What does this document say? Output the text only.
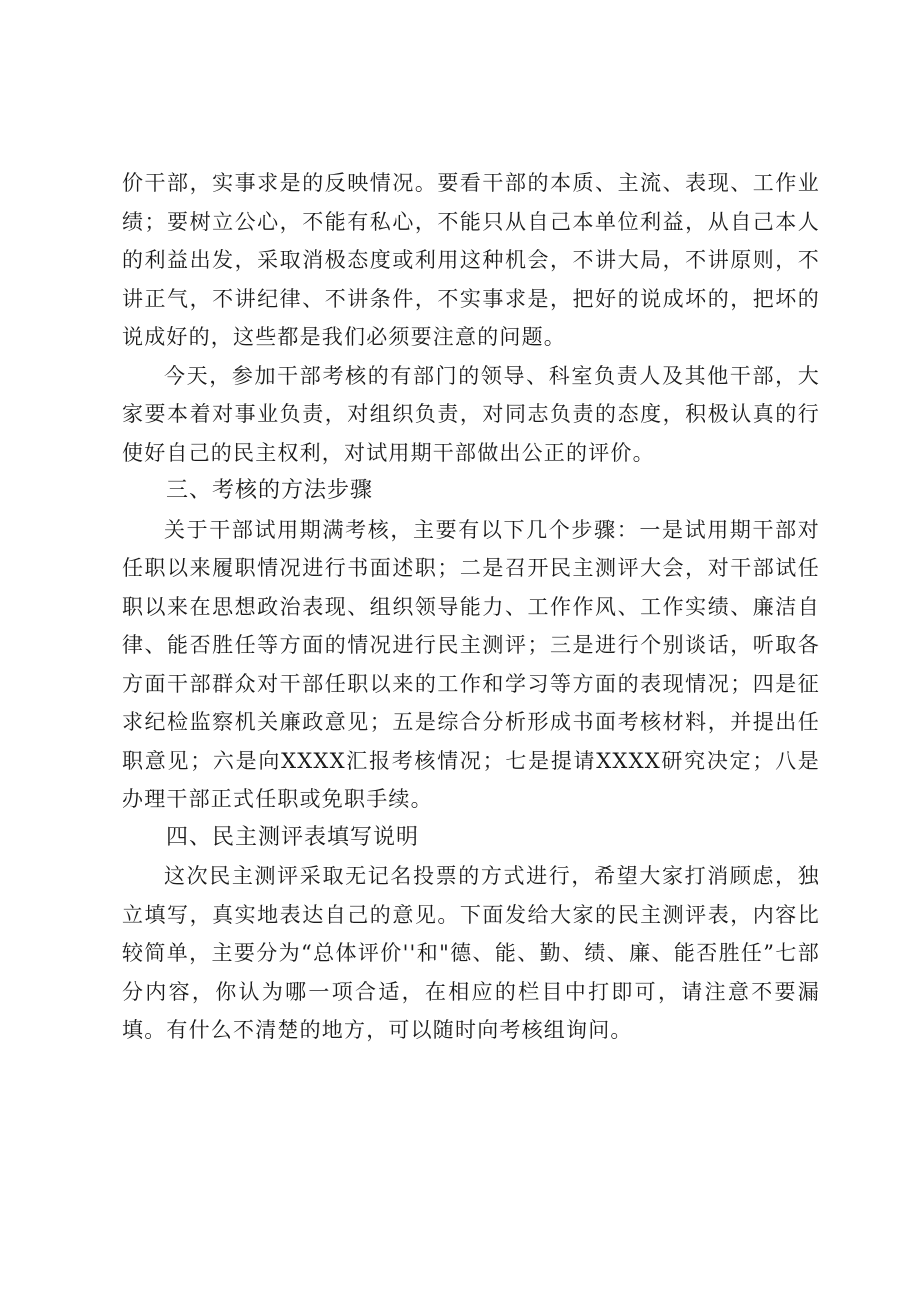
价干部，实事求是的反映情况。要看干部的本质、主流、表现、工作业绩；要树立公心，不能有私心，不能只从自己本单位利益，从自己本人的利益出发，采取消极态度或利用这种机会，不讲大局，不讲原则，不讲正气，不讲纪律、不讲条件，不实事求是，把好的说成坏的，把坏的说成好的，这些都是我们必须要注意的问题。

今天，参加干部考核的有部门的领导、科室负责人及其他干部，大家要本着对事业负责，对组织负责，对同志负责的态度，积极认真的行使好自己的民主权利，对试用期干部做出公正的评价。

三、考核的方法步骤

关于干部试用期满考核，主要有以下几个步骤：一是试用期干部对任职以来履职情况进行书面述职；二是召开民主测评大会，对干部试任职以来在思想政治表现、组织领导能力、工作作风、工作实绩、廉洁自律、能否胜任等方面的情况进行民主测评；三是进行个别谈话，听取各方面干部群众对干部任职以来的工作和学习等方面的表现情况；四是征求纪检监察机关廉政意见；五是综合分析形成书面考核材料，并提出任职意见；六是向XXXX汇报考核情况；七是提请XXXX研究决定；八是办理干部正式任职或免职手续。

四、民主测评表填写说明

这次民主测评采取无记名投票的方式进行，希望大家打消顾虑，独立填写，真实地表达自己的意见。下面发给大家的民主测评表，内容比较简单，主要分为“总体评价''和"德、能、勤、绩、廉、能否胜任”七部分内容，你认为哪一项合适，在相应的栏目中打即可，请注意不要漏填。有什么不清楚的地方，可以随时向考核组询问。
